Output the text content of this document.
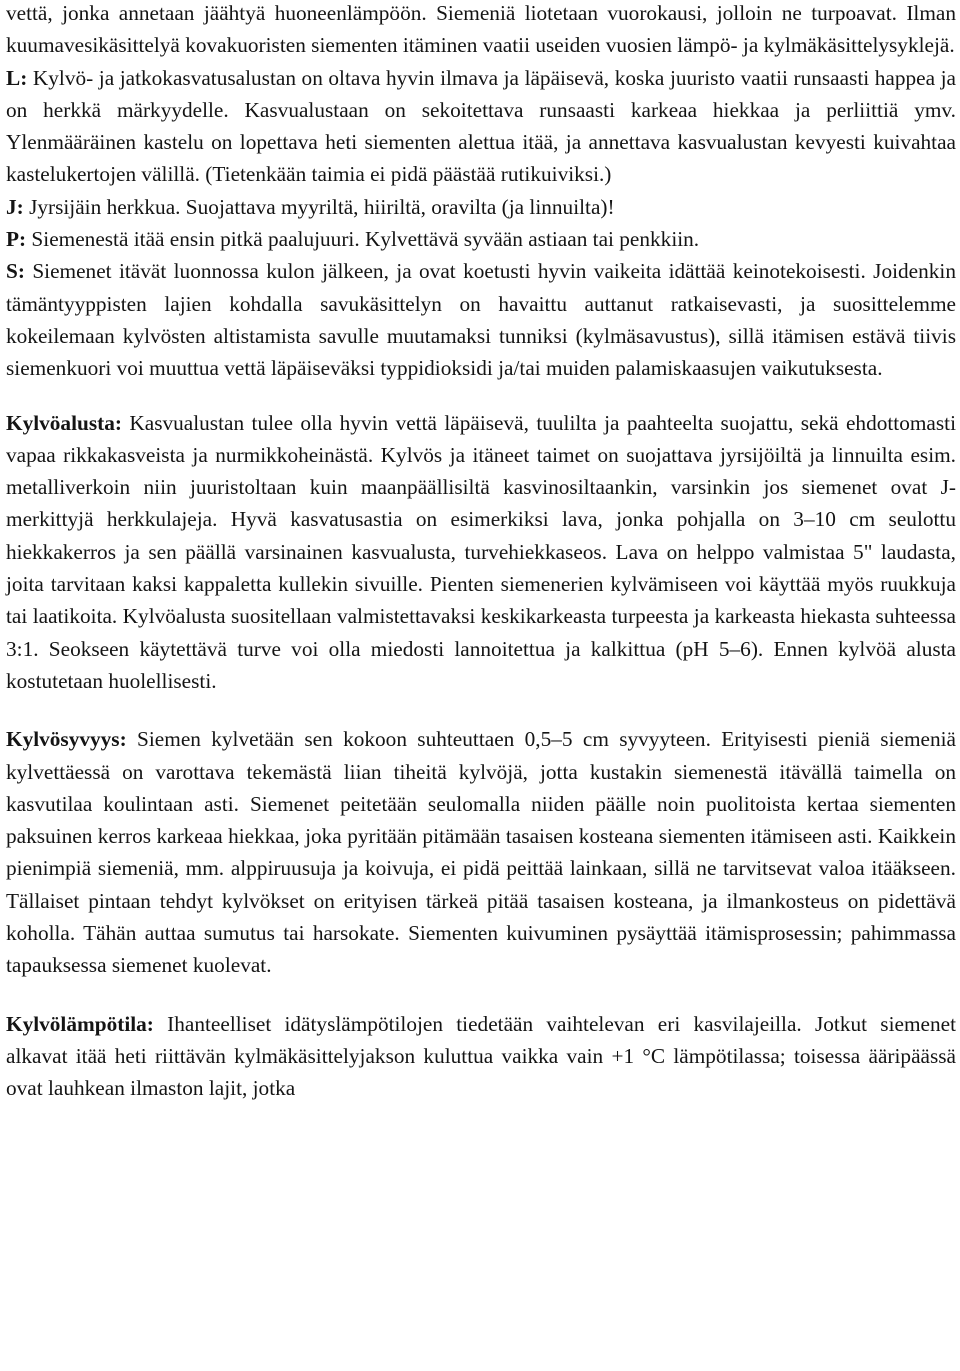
vettä, jonka annetaan jäähtyä huoneenlämpöön. Siemeniä liotetaan vuorokausi, jolloin ne turpoavat. Ilman kuumavesikäsittelyä kovakuoristen siementen itäminen vaatii useiden vuosien lämpö- ja kylmäkäsittelysyklejä.

L: Kylvö- ja jatkokasvatusalustan on oltava hyvin ilmava ja läpäisevä, koska juuristo vaatii runsaasti happea ja on herkkä märkyydelle. Kasvualustaan on sekoitettava runsaasti karkeaa hiekkaa ja perliittiä ymv. Ylenmääräinen kastelu on lopettava heti siementen alettua itää, ja annettava kasvualustan kevyesti kuivahtaa kastelukertojen välillä. (Tietenkään taimia ei pidä päästää rutikuiviksi.)

J: Jyrsijäin herkkua. Suojattava myyriltä, hiiriltä, oravilta (ja linnuilta)!

P: Siemenestä itää ensin pitkä paalujuuri. Kylvettävä syvään astiaan tai penkkiin.

S: Siemenet itävät luonnossa kulon jälkeen, ja ovat koetusti hyvin vaikeita idättää keinotekoisesti. Joidenkin tämäntyyppisten lajien kohdalla savukäsittelyn on havaittu auttanut ratkaisevasti, ja suosittelemme kokeilemaan kylvösten altistamista savulle muutamaksi tunniksi (kylmäsavustus), sillä itämisen estävä tiivis siemenkuori voi muuttua vettä läpäiseväksi typpidioksidi ja/tai muiden palamiskaasujen vaikutuksesta.

Kylvöalusta: Kasvualustan tulee olla hyvin vettä läpäisevä, tuulilta ja paahteelta suojattu, sekä ehdottomasti vapaa rikkakasveista ja nurmikkoheinästä. Kylvös ja itäneet taimet on suojattava jyrsijöiltä ja linnuilta esim. metalliverkoin niin juuristoltaan kuin maanpäällisiltä kasvinosiltaankin, varsinkin jos siemenet ovat J-merkittyjä herkkulajeja. Hyvä kasvatusastia on esimerkiksi lava, jonka pohjalla on 3–10 cm seulottu hiekkakerros ja sen päällä varsinainen kasvualusta, turvehiekkaseos. Lava on helppo valmistaa 5" laudasta, joita tarvitaan kaksi kappaletta kullekin sivuille. Pienten siemenerien kylvämiseen voi käyttää myös ruukkuja tai laatikoita. Kylvöalusta suositellaan valmistettavaksi keskikarkeasta turpeesta ja karkeasta hiekasta suhteessa 3:1. Seokseen käytettävä turve voi olla miedosti lannoitettua ja kalkittua (pH 5–6). Ennen kylvöä alusta kostutetaan huolellisesti.

Kylvösyvyys: Siemen kylvetään sen kokoon suhteuttaen 0,5–5 cm syvyyteen. Erityisesti pieniä siemeniä kylvettäessä on varottava tekemästä liian tiheitä kylvöjä, jotta kustakin siemenestä itävällä taimella on kasvutilaa koulintaan asti. Siemenet peitetään seulomalla niiden päälle noin puolitoista kertaa siementen paksuinen kerros karkeaa hiekkaa, joka pyritään pitämään tasaisen kosteana siementen itämiseen asti. Kaikkein pienimpiä siemeniä, mm. alppiruusuja ja koivuja, ei pidä peittää lainkaan, sillä ne tarvitsevat valoa itääkseen. Tällaiset pintaan tehdyt kylvökset on erityisen tärkeä pitää tasaisen kosteana, ja ilmankosteus on pidettävä koholla. Tähän auttaa sumutus tai harsokate. Siementen kuivuminen pysäyttää itämisprosessin; pahimmassa tapauksessa siemenet kuolevat.

Kylvölämpötila: Ihanteelliset idätyslämpötilojen tiedetään vaihtelevan eri kasvilajeilla. Jotkut siemenet alkavat itää heti riittävän kylmäkäsittelyjakson kuluttua vaikka vain +1 °C lämpötilassa; toisessa ääripäässä ovat lauhkean ilmaston lajit, jotka
